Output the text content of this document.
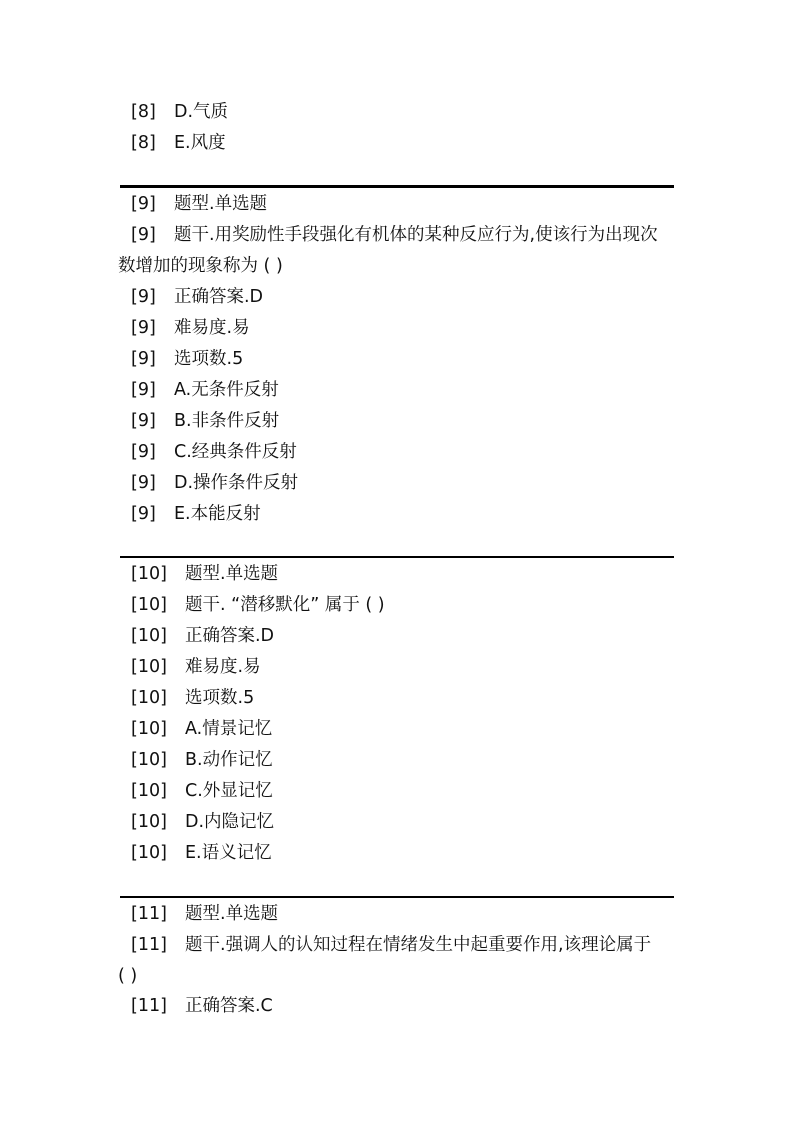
[8] D.气质
[8] E.风度
[9] 题型.单选题
[9] 题干.用奖励性手段强化有机体的某种反应行为,使该行为出现次
数增加的现象称为 ( )
[9] 正确答案.D
[9] 难易度.易
[9] 选项数.5
[9] A.无条件反射
[9] B.非条件反射
[9] C.经典条件反射
[9] D.操作条件反射
[9] E.本能反射
[10] 题型.单选题
[10] 题干. “潜移默化” 属于 ( )
[10] 正确答案.D
[10] 难易度.易
[10] 选项数.5
[10] A.情景记忆
[10] B.动作记忆
[10] C.外显记忆
[10] D.内隐记忆
[10] E.语义记忆
[11] 题型.单选题
[11] 题干.强调人的认知过程在情绪发生中起重要作用,该理论属于
( )
[11] 正确答案.C
